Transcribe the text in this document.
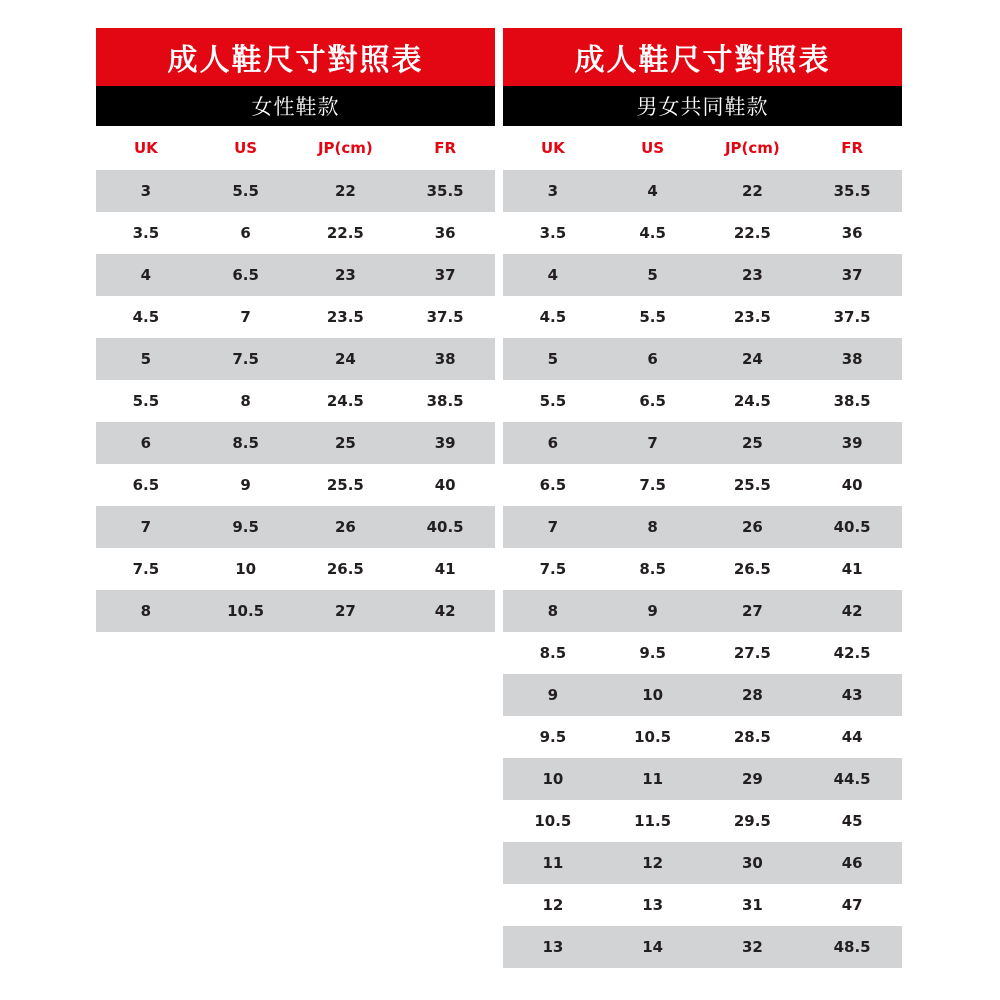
成人鞋尺寸對照表
女性鞋款
UK	US	JP(cm)	FR
3	5.5	22	35.5
3.5	6	22.5	36
4	6.5	23	37
4.5	7	23.5	37.5
5	7.5	24	38
5.5	8	24.5	38.5
6	8.5	25	39
6.5	9	25.5	40
7	9.5	26	40.5
7.5	10	26.5	41
8	10.5	27	42
成人鞋尺寸對照表
男女共同鞋款
UK	US	JP(cm)	FR
3	4	22	35.5
3.5	4.5	22.5	36
4	5	23	37
4.5	5.5	23.5	37.5
5	6	24	38
5.5	6.5	24.5	38.5
6	7	25	39
6.5	7.5	25.5	40
7	8	26	40.5
7.5	8.5	26.5	41
8	9	27	42
8.5	9.5	27.5	42.5
9	10	28	43
9.5	10.5	28.5	44
10	11	29	44.5
10.5	11.5	29.5	45
11	12	30	46
12	13	31	47
13	14	32	48.5
